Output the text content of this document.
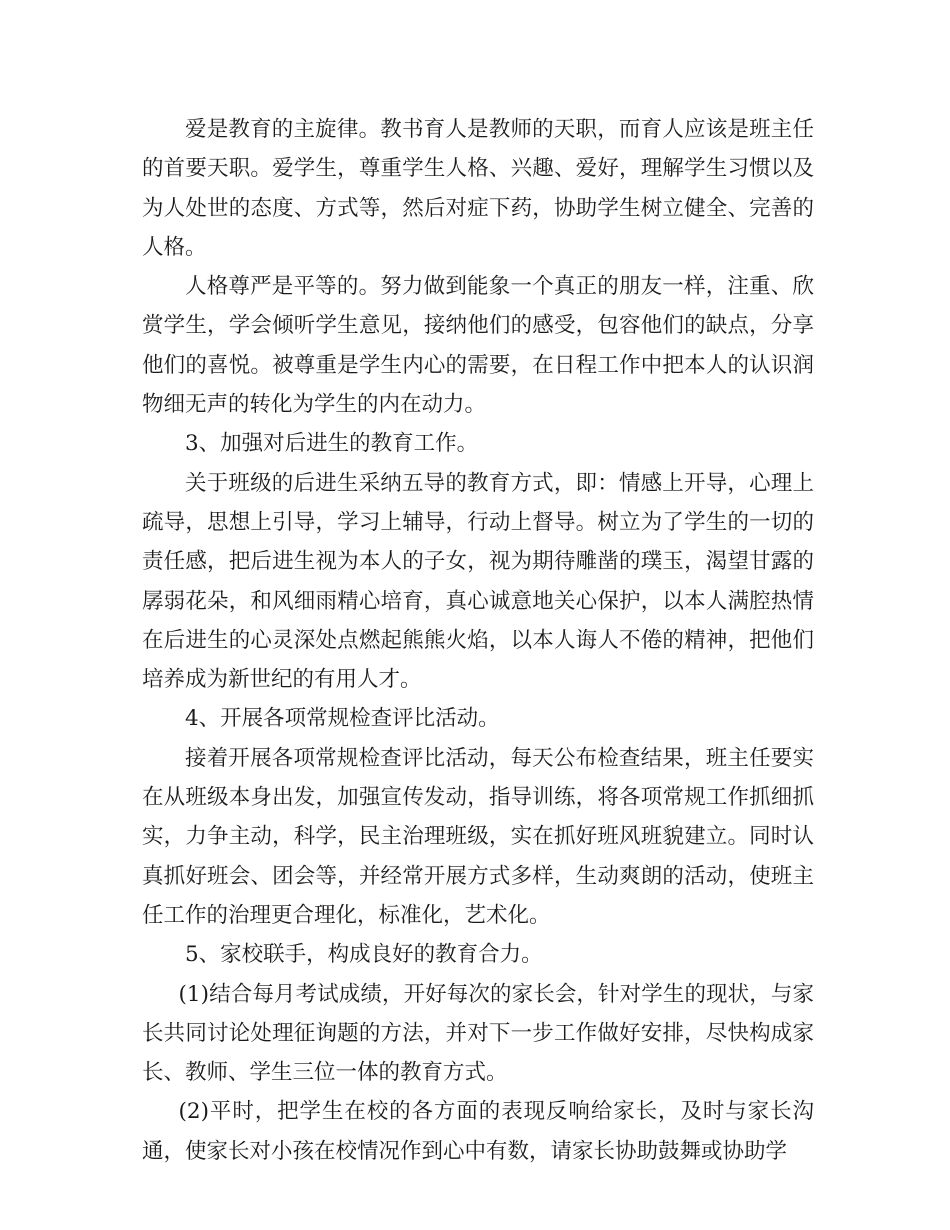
爱是教育的主旋律。教书育人是教师的天职，而育人应该是班主任的首要天职。爱学生，尊重学生人格、兴趣、爱好，理解学生习惯以及为人处世的态度、方式等，然后对症下药，协助学生树立健全、完善的人格。

人格尊严是平等的。努力做到能象一个真正的朋友一样，注重、欣赏学生，学会倾听学生意见，接纳他们的感受，包容他们的缺点，分享他们的喜悦。被尊重是学生内心的需要，在日程工作中把本人的认识润物细无声的转化为学生的内在动力。

3、加强对后进生的教育工作。

关于班级的后进生采纳五导的教育方式，即：情感上开导，心理上疏导，思想上引导，学习上辅导，行动上督导。树立为了学生的一切的责任感，把后进生视为本人的子女，视为期待雕凿的璞玉，渴望甘露的孱弱花朵，和风细雨精心培育，真心诚意地关心保护，以本人满腔热情在后进生的心灵深处点燃起熊熊火焰，以本人诲人不倦的精神，把他们培养成为新世纪的有用人才。

4、开展各项常规检查评比活动。

接着开展各项常规检查评比活动，每天公布检查结果，班主任要实在从班级本身出发，加强宣传发动，指导训练，将各项常规工作抓细抓实，力争主动，科学，民主治理班级，实在抓好班风班貌建立。同时认真抓好班会、团会等，并经常开展方式多样，生动爽朗的活动，使班主任工作的治理更合理化，标准化，艺术化。

5、家校联手，构成良好的教育合力。

(1)结合每月考试成绩，开好每次的家长会，针对学生的现状，与家长共同讨论处理征询题的方法，并对下一步工作做好安排，尽快构成家长、教师、学生三位一体的教育方式。

(2)平时，把学生在校的各方面的表现反响给家长，及时与家长沟通，使家长对小孩在校情况作到心中有数，请家长协助鼓舞或协助学
